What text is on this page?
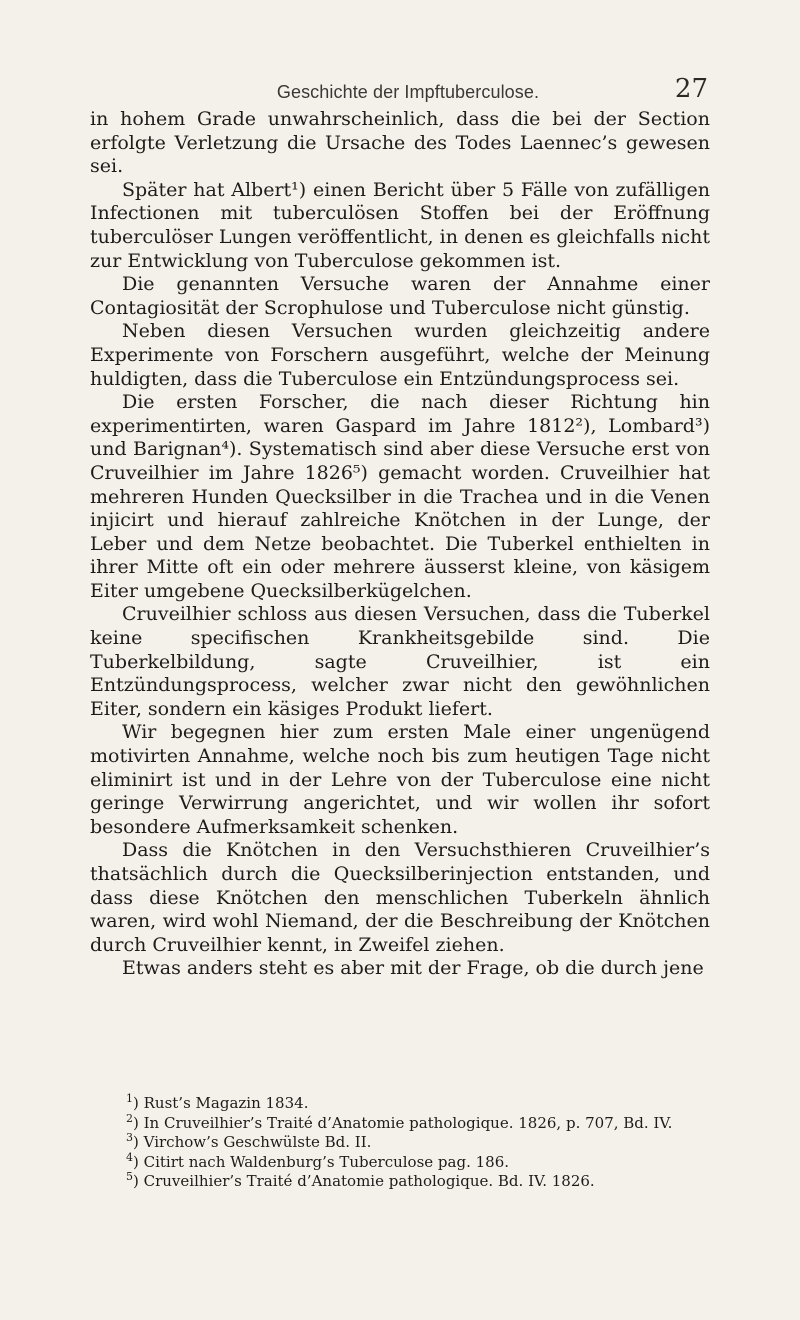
Geschichte der Impftuberculose.	27

in hohem Grade unwahrscheinlich, dass die bei der Section erfolgte Verletzung die Ursache des Todes Laennec’s gewesen sei.

Später hat Albert¹) einen Bericht über 5 Fälle von zufälligen Infectionen mit tuberculösen Stoffen bei der Eröffnung tuberculöser Lungen veröffentlicht, in denen es gleichfalls nicht zur Entwicklung von Tuberculose gekommen ist.

Die genannten Versuche waren der Annahme einer Contagiosität der Scrophulose und Tuberculose nicht günstig.

Neben diesen Versuchen wurden gleichzeitig andere Experimente von Forschern ausgeführt, welche der Meinung huldigten, dass die Tuberculose ein Entzündungsprocess sei.

Die ersten Forscher, die nach dieser Richtung hin experimentirten, waren Gaspard im Jahre 1812²), Lombard³) und Barignan⁴). Systematisch sind aber diese Versuche erst von Cruveilhier im Jahre 1826⁵) gemacht worden. Cruveilhier hat mehreren Hunden Quecksilber in die Trachea und in die Venen injicirt und hierauf zahlreiche Knötchen in der Lunge, der Leber und dem Netze beobachtet. Die Tuberkel enthielten in ihrer Mitte oft ein oder mehrere äusserst kleine, von käsigem Eiter umgebene Quecksilberkügelchen.

Cruveilhier schloss aus diesen Versuchen, dass die Tuberkel keine specifischen Krankheitsgebilde sind. Die Tuberkelbildung, sagte Cruveilhier, ist ein Entzündungsprocess, welcher zwar nicht den gewöhnlichen Eiter, sondern ein käsiges Produkt liefert.

Wir begegnen hier zum ersten Male einer ungenügend motivirten Annahme, welche noch bis zum heutigen Tage nicht eliminirt ist und in der Lehre von der Tuberculose eine nicht geringe Verwirrung angerichtet, und wir wollen ihr sofort besondere Aufmerksamkeit schenken.

Dass die Knötchen in den Versuchsthieren Cruveilhier’s thatsächlich durch die Quecksilberinjection entstanden, und dass diese Knötchen den menschlichen Tuberkeln ähnlich waren, wird wohl Niemand, der die Beschreibung der Knötchen durch Cruveilhier kennt, in Zweifel ziehen.

Etwas anders steht es aber mit der Frage, ob die durch jene

$^1$) Rust’s Magazin 1834.
$^2$) In Cruveilhier’s Traité d’Anatomie pathologique. 1826, p. 707, Bd. IV.
$^3$) Virchow’s Geschwülste Bd. II.
$^4$) Citirt nach Waldenburg’s Tuberculose pag. 186.
$^5$) Cruveilhier’s Traité d’Anatomie pathologique. Bd. IV. 1826.
